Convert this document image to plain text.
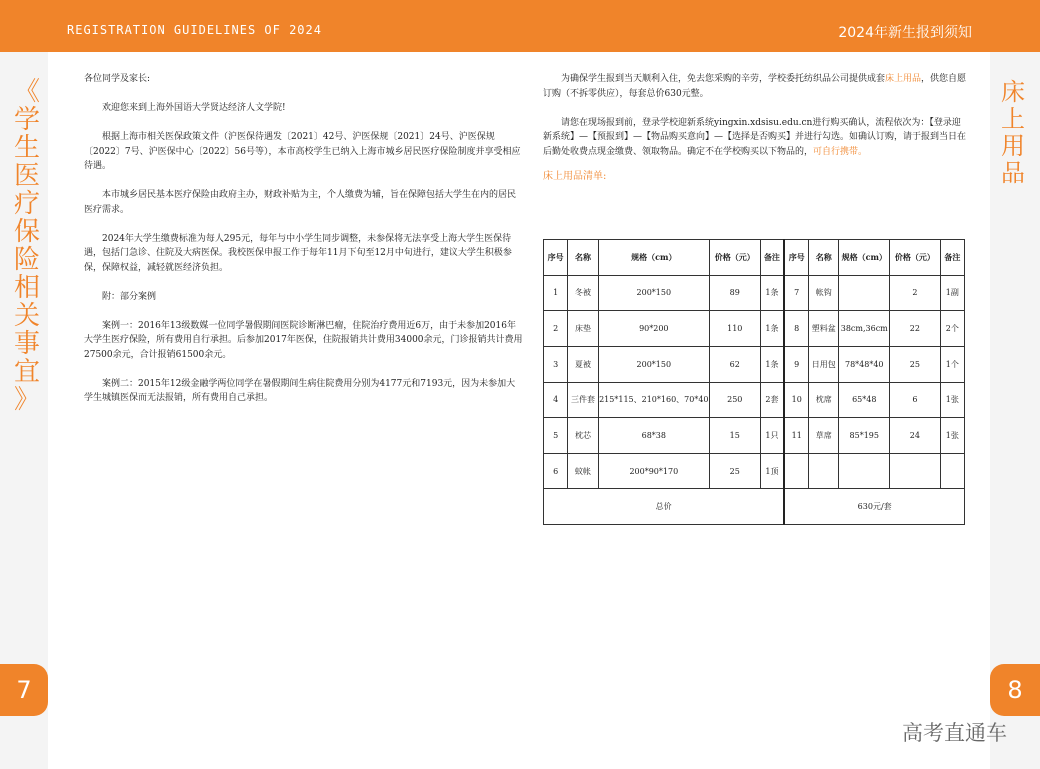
REGISTRATION GUIDELINES OF 2024	2024年新生报到须知
《
学
生
医
疗
保
险
相
关
事
宜
》
床
上
用
品
7	8

各位同学及家长:

欢迎您来到上海外国语大学贤达经济人文学院!

根据上海市相关医保政策文件（沪医保待遇发〔2021〕42号、沪医保规〔2021〕24号、沪医保规〔2022〕7号、沪医保中心〔2022〕56号等），本市高校学生已纳入上海市城乡居民医疗保险制度并享受相应待遇。

本市城乡居民基本医疗保险由政府主办，财政补贴为主，个人缴费为辅，旨在保障包括大学生在内的居民医疗需求。

2024年大学生缴费标准为每人295元，每年与中小学生同步调整，未参保将无法享受上海大学生医保待遇，包括门急诊、住院及大病医保。我校医保申报工作于每年11月下旬至12月中旬进行，建议大学生积极参保，保障权益，减轻就医经济负担。

附：部分案例

案例一：2016年13级数媒一位同学暑假期间医院诊断淋巴瘤，住院治疗费用近6万，由于未参加2016年大学生医疗保险，所有费用自行承担。后参加2017年医保，住院报销共计费用34000余元，门诊报销共计费用27500余元，合计报销61500余元。

案例二：2015年12级金融学两位同学在暑假期间生病住院费用分别为4177元和7193元，因为未参加大学生城镇医保而无法报销，所有费用自己承担。

为确保学生报到当天顺利入住，免去您采购的辛劳，学校委托纺织品公司提供成套床上用品，供您自愿订购（不拆零供应），每套总价630元整。

请您在现场报到前，登录学校迎新系统yingxin.xdsisu.edu.cn进行购买确认，流程依次为：【登录迎新系统】—【预报到】—【物品购买意向】—【选择是否购买】并进行勾选。如确认订购，请于报到当日在后勤处收费点现金缴费、领取物品。确定不在学校购买以下物品的，可自行携带。

床上用品清单:
序号	名称	规格（cm）	价格（元）	备注	序号	名称	规格（cm）	价格（元）	备注
1	冬被	200*150	89	1条	7	帐钩		2	1副
2	床垫	90*200	110	1条	8	塑料盆	38cm,36cm	22	2个
3	夏被	200*150	62	1条	9	日用包	78*48*40	25	1个
4	三件套	215*115、210*160、70*40	250	2套	10	枕席	65*48	6	1张
5	枕芯	68*38	15	1只	11	草席	85*195	24	1张
6	蚊帐	200*90*170	25	1顶					
总价					630元/套				
高考直通车
